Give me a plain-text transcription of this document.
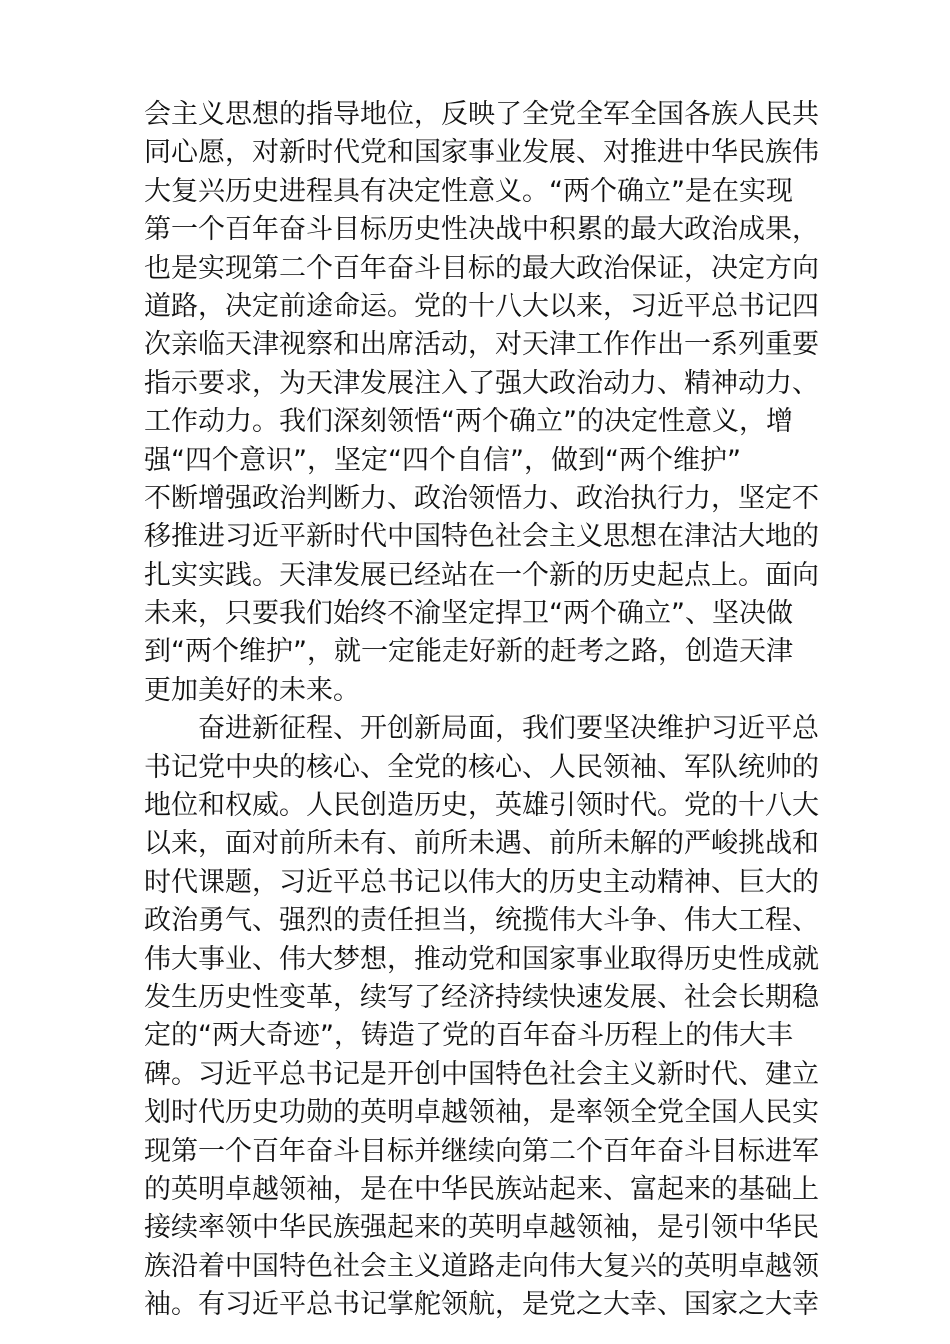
会主义思想的指导地位，反映了全党全军全国各族人民共
同心愿，对新时代党和国家事业发展、对推进中华民族伟
大复兴历史进程具有决定性意义。“两个确立”是在实现
第一个百年奋斗目标历史性决战中积累的最大政治成果，
也是实现第二个百年奋斗目标的最大政治保证，决定方向
道路，决定前途命运。党的十八大以来，习近平总书记四
次亲临天津视察和出席活动，对天津工作作出一系列重要
指示要求，为天津发展注入了强大政治动力、精神动力、
工作动力。我们深刻领悟“两个确立”的决定性意义，增
强“四个意识”，坚定“四个自信”，做到“两个维护”
不断增强政治判断力、政治领悟力、政治执行力，坚定不
移推进习近平新时代中国特色社会主义思想在津沽大地的
扎实实践。天津发展已经站在一个新的历史起点上。面向
未来，只要我们始终不渝坚定捍卫“两个确立”、坚决做
到“两个维护”，就一定能走好新的赶考之路，创造天津
更加美好的未来。
奋进新征程、开创新局面，我们要坚决维护习近平总
书记党中央的核心、全党的核心、人民领袖、军队统帅的
地位和权威。人民创造历史，英雄引领时代。党的十八大
以来，面对前所未有、前所未遇、前所未解的严峻挑战和
时代课题，习近平总书记以伟大的历史主动精神、巨大的
政治勇气、强烈的责任担当，统揽伟大斗争、伟大工程、
伟大事业、伟大梦想，推动党和国家事业取得历史性成就
发生历史性变革，续写了经济持续快速发展、社会长期稳
定的“两大奇迹”，铸造了党的百年奋斗历程上的伟大丰
碑。习近平总书记是开创中国特色社会主义新时代、建立
划时代历史功勋的英明卓越领袖，是率领全党全国人民实
现第一个百年奋斗目标并继续向第二个百年奋斗目标进军
的英明卓越领袖，是在中华民族站起来、富起来的基础上
接续率领中华民族强起来的英明卓越领袖，是引领中华民
族沿着中国特色社会主义道路走向伟大复兴的英明卓越领
袖。有习近平总书记掌舵领航，是党之大幸、国家之大幸
